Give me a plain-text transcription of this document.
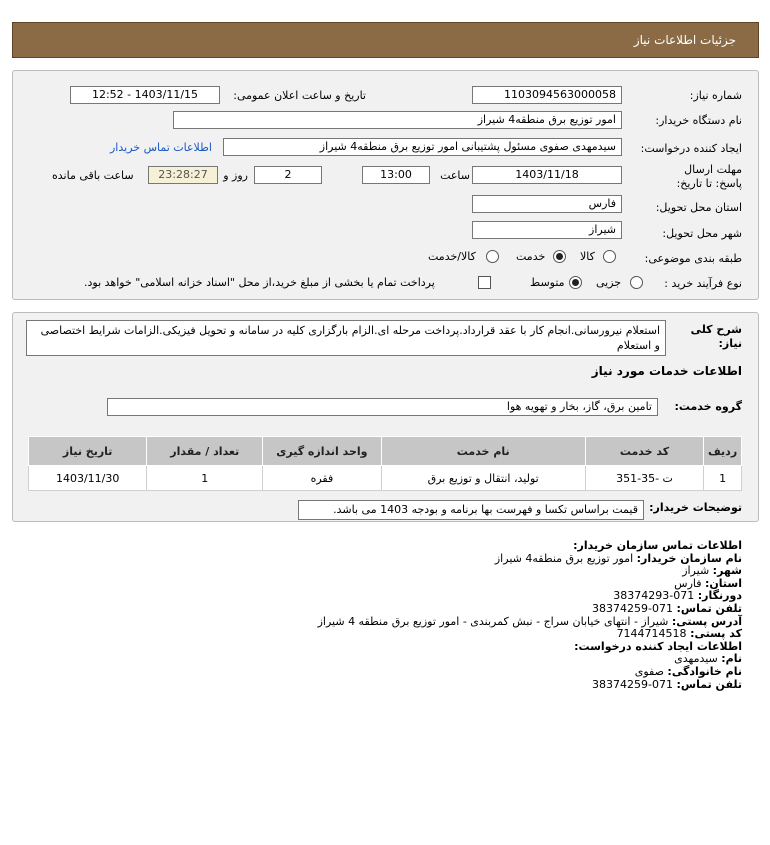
جزئیات اطلاعات نیاز
شماره نیاز:
1103094563000058
تاریخ و ساعت اعلان عمومی:
1403/11/15 - 12:52
نام دستگاه خریدار:
امور توزیع برق منطقه4 شیراز
ایجاد کننده درخواست:
سیدمهدی صفوی مسئول پشتیبانی امور توزیع برق منطقه4 شیراز
اطلاعات تماس خریدار
مهلت ارسال پاسخ: تا تاریخ:
1403/11/18
ساعت
13:00
2
روز و
23:28:27
ساعت باقی مانده
استان محل تحویل:
فارس
شهر محل تحویل:
شیراز
طبقه بندی موضوعی:
کالا
خدمت
کالا/خدمت
نوع فرآیند خرید :
جزیی
متوسط
پرداخت تمام یا بخشی از مبلغ خرید،از محل "اسناد خزانه اسلامی" خواهد بود.
شرح کلی نیاز:
استعلام نیرورسانی.انجام کار با عقد قرارداد.پرداخت مرحله ای.الزام بارگزاری کلیه در سامانه و تحویل فیزیکی.الزامات شرایط اختصاصی و استعلام
اطلاعات خدمات مورد نیاز
گروه خدمت:
تامین برق، گاز، بخار و تهویه هوا
ردیف	کد خدمت	نام خدمت	واحد اندازه گیری	تعداد / مقدار	تاریخ نیاز
1	ت -35-351	تولید، انتقال و توزیع برق	فقره	1	1403/11/30
توضیحات خریدار:
قیمت براساس تکسا و فهرست بها برنامه و بودجه 1403 می باشد.
اطلاعات تماس سازمان خریدار:
نام سازمان خریدار: امور توزیع برق منطقه4 شیراز
شهر: شیراز
استان: فارس
دورنگار: 071-38374293
تلفن تماس: 071-38374259
آدرس پستی: شیراز - انتهای خیابان سراج - نبش کمربندی - امور توزیع برق منطقه 4 شیراز
کد پستی: 7144714518
اطلاعات ایجاد کننده درخواست:
نام: سیدمهدی
نام خانوادگی: صفوی
تلفن تماس: 071-38374259
